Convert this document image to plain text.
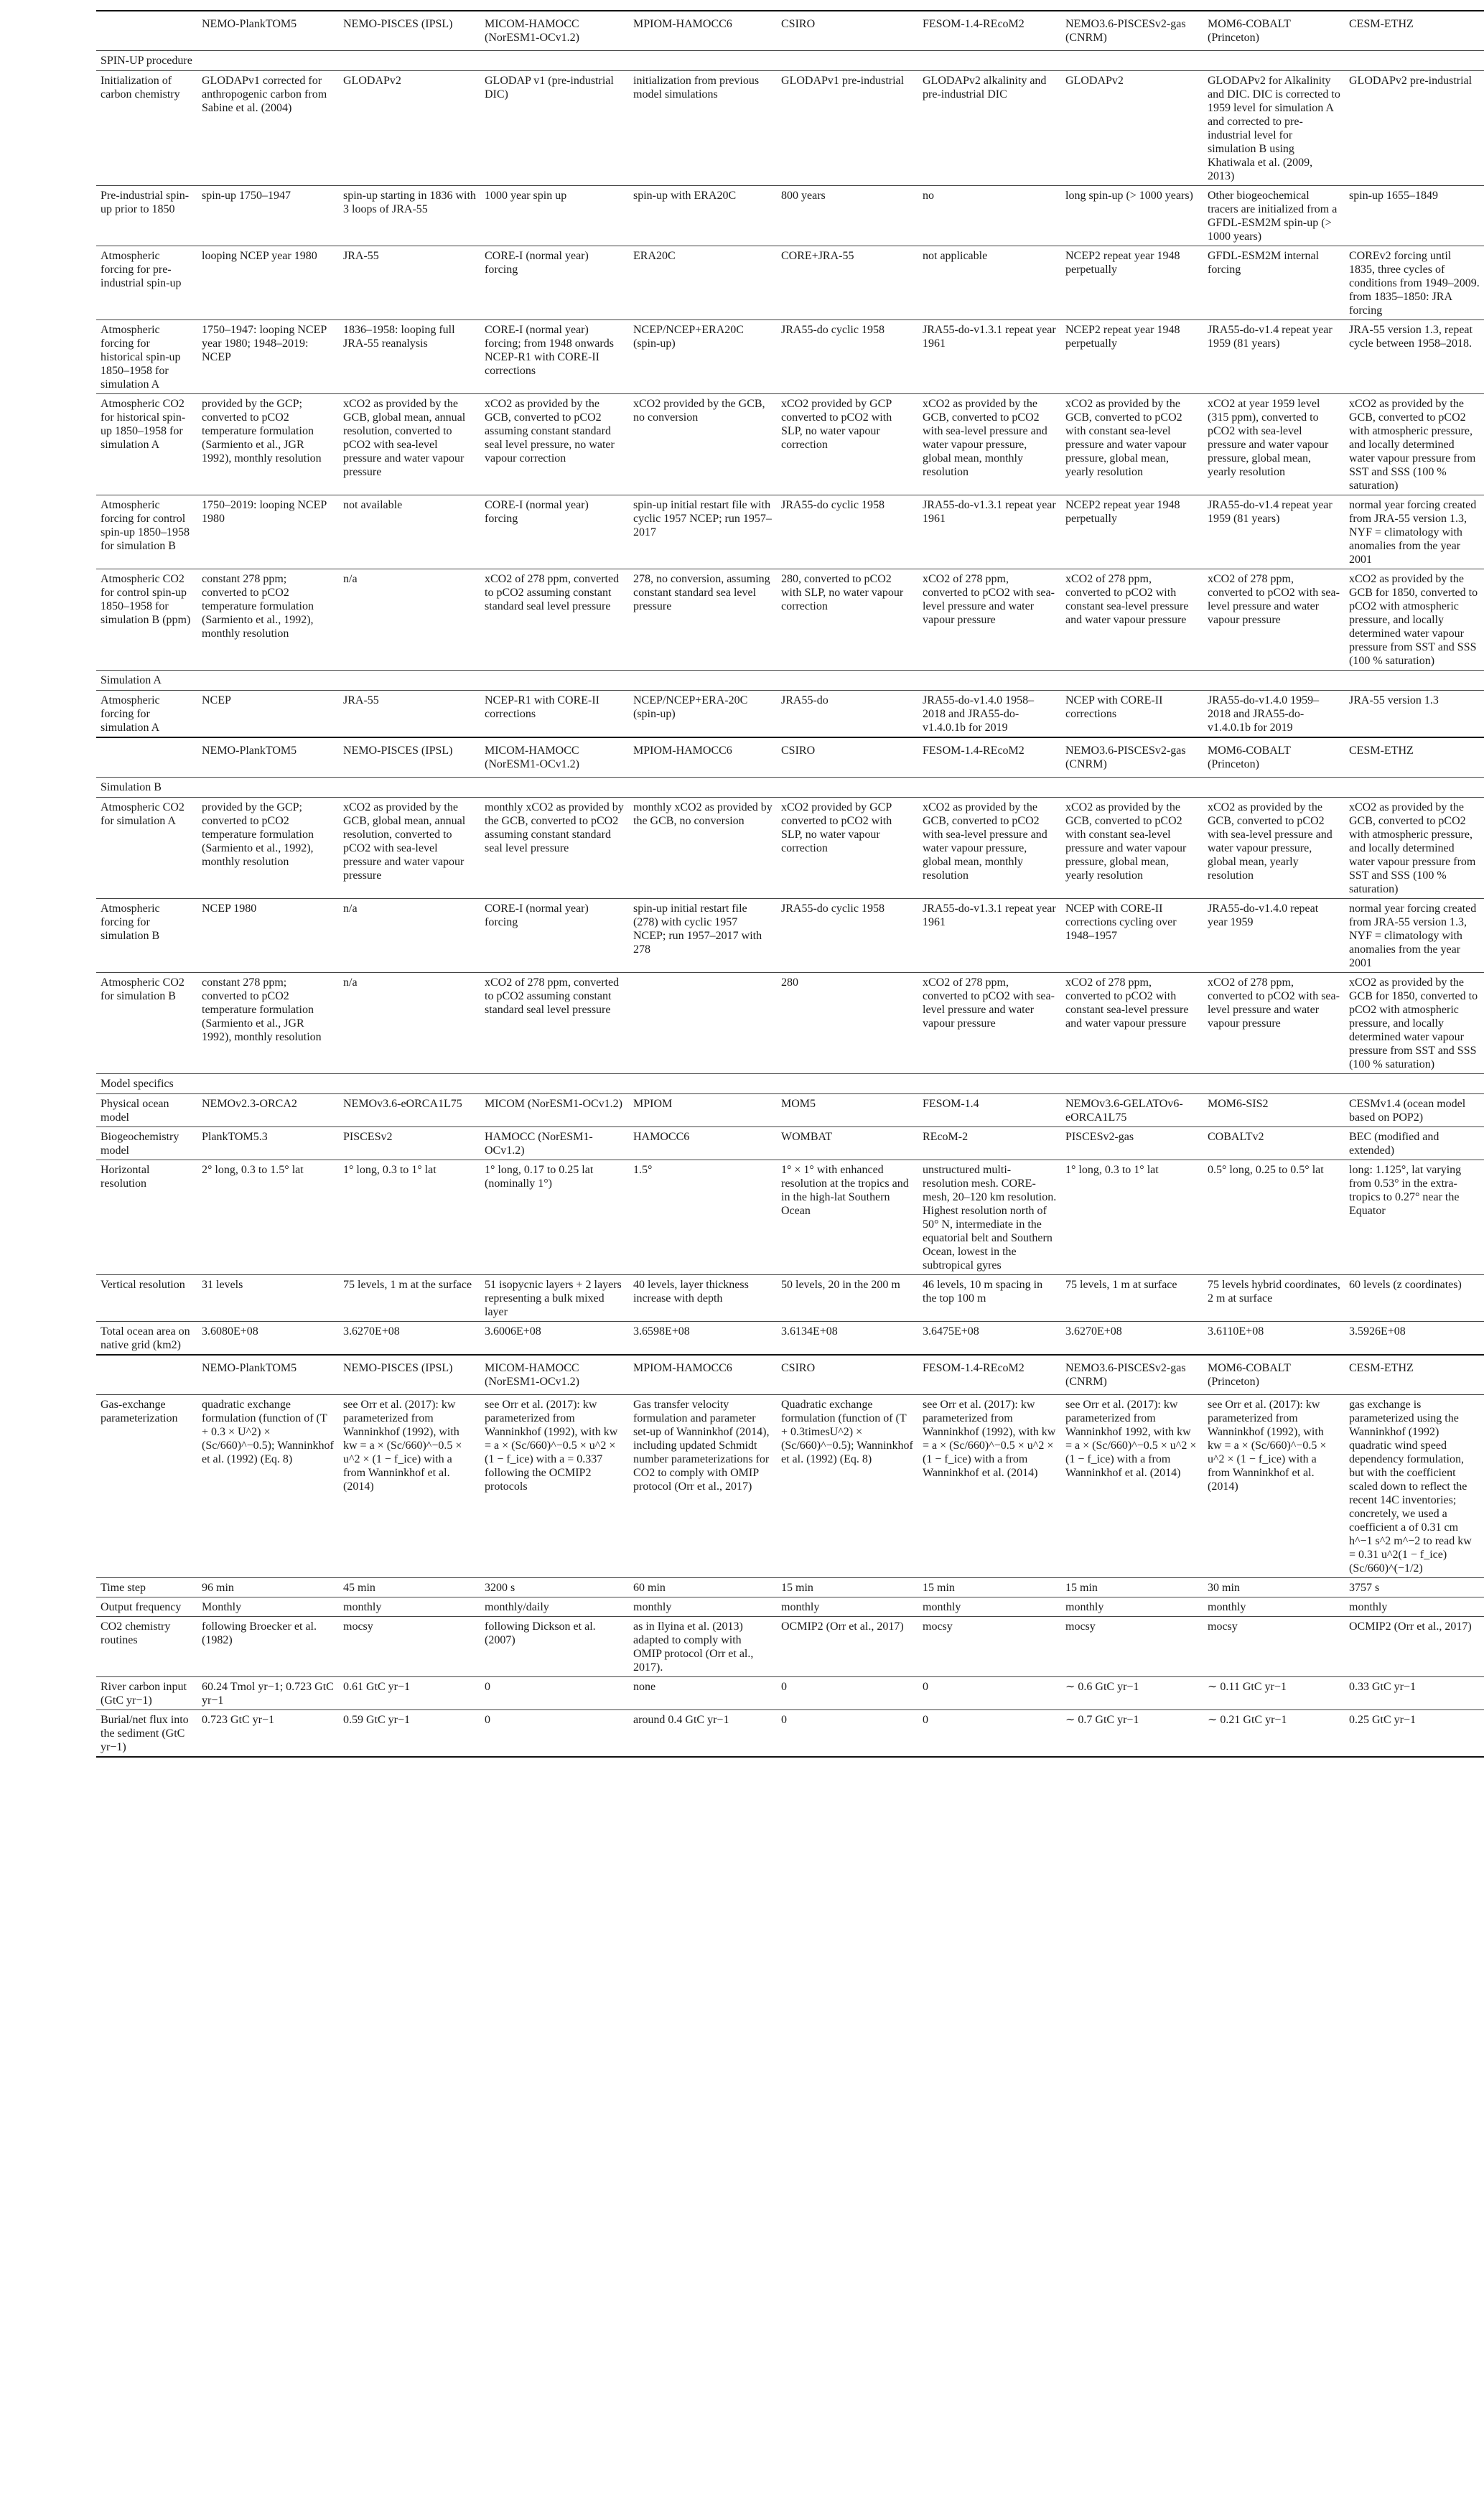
	NEMO-PlankTOM5	NEMO-PISCES (IPSL)	MICOM-HAMOCC (NorESM1-OCv1.2)	MPIOM-HAMOCC6	CSIRO	FESOM-1.4-REcoM2	NEMO3.6-PISCESv2-gas (CNRM)	MOM6-COBALT (Princeton)	CESM-ETHZ
SPIN-UP procedure									
Initialization of carbon chemistry	GLODAPv1 corrected for anthropogenic carbon from Sabine et al. (2004)	GLODAPv2	GLODAP v1 (pre-industrial DIC)	initialization from previous model simulations	GLODAPv1 pre-industrial	GLODAPv2 alkalinity and pre-industrial DIC	GLODAPv2	GLODAPv2 for Alkalinity and DIC. DIC is corrected to 1959 level for simulation A and corrected to pre-industrial level for simulation B using Khatiwala et al. (2009, 2013)	GLODAPv2 pre-industrial
Pre-industrial spin-up prior to 1850	spin-up 1750–1947	spin-up starting in 1836 with 3 loops of JRA-55	1000 year spin up	spin-up with ERA20C	800 years	no	long spin-up (> 1000 years)	Other biogeochemical tracers are initialized from a GFDL-ESM2M spin-up (> 1000 years)	spin-up 1655–1849
Atmospheric forcing for pre-industrial spin-up	looping NCEP year 1980	JRA-55	CORE-I (normal year) forcing	ERA20C	CORE+JRA-55	not applicable	NCEP2 repeat year 1948 perpetually	GFDL-ESM2M internal forcing	COREv2 forcing until 1835, three cycles of conditions from 1949–2009. from 1835–1850: JRA forcing
Atmospheric forcing for historical spin-up 1850–1958 for simulation A	1750–1947: looping NCEP year 1980; 1948–2019: NCEP	1836–1958: looping full JRA-55 reanalysis	CORE-I (normal year) forcing; from 1948 onwards NCEP-R1 with CORE-II corrections	NCEP/NCEP+ERA20C (spin-up)	JRA55-do cyclic 1958	JRA55-do-v1.3.1 repeat year 1961	NCEP2 repeat year 1948 perpetually	JRA55-do-v1.4 repeat year 1959 (81 years)	JRA-55 version 1.3, repeat cycle between 1958–2018.
Atmospheric CO2 for historical spin-up 1850–1958 for simulation A	provided by the GCP; converted to pCO2 temperature formulation (Sarmiento et al., JGR 1992), monthly resolution	xCO2 as provided by the GCB, global mean, annual resolution, converted to pCO2 with sea-level pressure and water vapour pressure	xCO2 as provided by the GCB, converted to pCO2 assuming constant standard seal level pressure, no water vapour correction	xCO2 provided by the GCB, no conversion	xCO2 provided by GCP converted to pCO2 with SLP, no water vapour correction	xCO2 as provided by the GCB, converted to pCO2 with sea-level pressure and water vapour pressure, global mean, monthly resolution	xCO2 as provided by the GCB, converted to pCO2 with constant sea-level pressure and water vapour pressure, global mean, yearly resolution	xCO2 at year 1959 level (315 ppm), converted to pCO2 with sea-level pressure and water vapour pressure, global mean, yearly resolution	xCO2 as provided by the GCB, converted to pCO2 with atmospheric pressure, and locally determined water vapour pressure from SST and SSS (100 % saturation)
Atmospheric forcing for control spin-up 1850–1958 for simulation B	1750–2019: looping NCEP 1980	not available	CORE-I (normal year) forcing	spin-up initial restart file with cyclic 1957 NCEP; run 1957–2017	JRA55-do cyclic 1958	JRA55-do-v1.3.1 repeat year 1961	NCEP2 repeat year 1948 perpetually	JRA55-do-v1.4 repeat year 1959 (81 years)	normal year forcing created from JRA-55 version 1.3, NYF = climatology with anomalies from the year 2001
Atmospheric CO2 for control spin-up 1850–1958 for simulation B (ppm)	constant 278 ppm; converted to pCO2 temperature formulation (Sarmiento et al., 1992), monthly resolution	n/a	xCO2 of 278 ppm, converted to pCO2 assuming constant standard seal level pressure	278, no conversion, assuming constant standard sea level pressure	280, converted to pCO2 with SLP, no water vapour correction	xCO2 of 278 ppm, converted to pCO2 with sea-level pressure and water vapour pressure	xCO2 of 278 ppm, converted to pCO2 with constant sea-level pressure and water vapour pressure	xCO2 of 278 ppm, converted to pCO2 with sea-level pressure and water vapour pressure	xCO2 as provided by the GCB for 1850, converted to pCO2 with atmospheric pressure, and locally determined water vapour pressure from SST and SSS (100 % saturation)
Simulation A									
Atmospheric forcing for simulation A	NCEP	JRA-55	NCEP-R1 with CORE-II corrections	NCEP/NCEP+ERA-20C (spin-up)	JRA55-do	JRA55-do-v1.4.0 1958–2018 and JRA55-do-v1.4.0.1b for 2019	NCEP with CORE-II corrections	JRA55-do-v1.4.0 1959–2018 and JRA55-do-v1.4.0.1b for 2019	JRA-55 version 1.3
	NEMO-PlankTOM5	NEMO-PISCES (IPSL)	MICOM-HAMOCC (NorESM1-OCv1.2)	MPIOM-HAMOCC6	CSIRO	FESOM-1.4-REcoM2	NEMO3.6-PISCESv2-gas (CNRM)	MOM6-COBALT (Princeton)	CESM-ETHZ
Simulation B									
Atmospheric CO2 for simulation A	provided by the GCP; converted to pCO2 temperature formulation (Sarmiento et al., 1992), monthly resolution	xCO2 as provided by the GCB, global mean, annual resolution, converted to pCO2 with sea-level pressure and water vapour pressure	monthly xCO2 as provided by the GCB, converted to pCO2 assuming constant standard seal level pressure	monthly xCO2 as provided by the GCB, no conversion	xCO2 provided by GCP converted to pCO2 with SLP, no water vapour correction	xCO2 as provided by the GCB, converted to pCO2 with sea-level pressure and water vapour pressure, global mean, monthly resolution	xCO2 as provided by the GCB, converted to pCO2 with constant sea-level pressure and water vapour pressure, global mean, yearly resolution	xCO2 as provided by the GCB, converted to pCO2 with sea-level pressure and water vapour pressure, global mean, yearly resolution	xCO2 as provided by the GCB, converted to pCO2 with atmospheric pressure, and locally determined water vapour pressure from SST and SSS (100 % saturation)
Atmospheric forcing for simulation B	NCEP 1980	n/a	CORE-I (normal year) forcing	spin-up initial restart file (278) with cyclic 1957 NCEP; run 1957–2017 with 278	JRA55-do cyclic 1958	JRA55-do-v1.3.1 repeat year 1961	NCEP with CORE-II corrections cycling over 1948–1957	JRA55-do-v1.4.0 repeat year 1959	normal year forcing created from JRA-55 version 1.3, NYF = climatology with anomalies from the year 2001
Atmospheric CO2 for simulation B	constant 278 ppm; converted to pCO2 temperature formulation (Sarmiento et al., JGR 1992), monthly resolution	n/a	xCO2 of 278 ppm, converted to pCO2 assuming constant standard seal level pressure		280	xCO2 of 278 ppm, converted to pCO2 with sea-level pressure and water vapour pressure	xCO2 of 278 ppm, converted to pCO2 with constant sea-level pressure and water vapour pressure	xCO2 of 278 ppm, converted to pCO2 with sea-level pressure and water vapour pressure	xCO2 as provided by the GCB for 1850, converted to pCO2 with atmospheric pressure, and locally determined water vapour pressure from SST and SSS (100 % saturation)
Model specifics									
Physical ocean model	NEMOv2.3-ORCA2	NEMOv3.6-eORCA1L75	MICOM (NorESM1-OCv1.2)	MPIOM	MOM5	FESOM-1.4	NEMOv3.6-GELATOv6-eORCA1L75	MOM6-SIS2	CESMv1.4 (ocean model based on POP2)
Biogeochemistry model	PlankTOM5.3	PISCESv2	HAMOCC (NorESM1-OCv1.2)	HAMOCC6	WOMBAT	REcoM-2	PISCESv2-gas	COBALTv2	BEC (modified and extended)
Horizontal resolution	2° long, 0.3 to 1.5° lat	1° long, 0.3 to 1° lat	1° long, 0.17 to 0.25 lat (nominally 1°)	1.5°	1° × 1° with enhanced resolution at the tropics and in the high-lat Southern Ocean	unstructured multi-resolution mesh. CORE-mesh, 20–120 km resolution. Highest resolution north of 50° N, intermediate in the equatorial belt and Southern Ocean, lowest in the subtropical gyres	1° long, 0.3 to 1° lat	0.5° long, 0.25 to 0.5° lat	long: 1.125°, lat varying from 0.53° in the extra-tropics to 0.27° near the Equator
Vertical resolution	31 levels	75 levels, 1 m at the surface	51 isopycnic layers + 2 layers representing a bulk mixed layer	40 levels, layer thickness increase with depth	50 levels, 20 in the 200 m	46 levels, 10 m spacing in the top 100 m	75 levels, 1 m at surface	75 levels hybrid coordinates, 2 m at surface	60 levels (z coordinates)
Total ocean area on native grid (km2)	3.6080E+08	3.6270E+08	3.6006E+08	3.6598E+08	3.6134E+08	3.6475E+08	3.6270E+08	3.6110E+08	3.5926E+08
	NEMO-PlankTOM5	NEMO-PISCES (IPSL)	MICOM-HAMOCC (NorESM1-OCv1.2)	MPIOM-HAMOCC6	CSIRO	FESOM-1.4-REcoM2	NEMO3.6-PISCESv2-gas (CNRM)	MOM6-COBALT (Princeton)	CESM-ETHZ
Gas-exchange parameterization	quadratic exchange formulation (function of (T + 0.3 × U^2) × (Sc/660)^−0.5); Wanninkhof et al. (1992) (Eq. 8)	see Orr et al. (2017): kw parameterized from Wanninkhof (1992), with kw = a × (Sc/660)^−0.5 × u^2 × (1 − f_ice) with a from Wanninkhof et al. (2014)	see Orr et al. (2017): kw parameterized from Wanninkhof (1992), with kw = a × (Sc/660)^−0.5 × u^2 × (1 − f_ice) with a = 0.337 following the OCMIP2 protocols	Gas transfer velocity formulation and parameter set-up of Wanninkhof (2014), including updated Schmidt number parameterizations for CO2 to comply with OMIP protocol (Orr et al., 2017)	Quadratic exchange formulation (function of (T + 0.3timesU^2) × (Sc/660)^−0.5); Wanninkhof et al. (1992) (Eq. 8)	see Orr et al. (2017): kw parameterized from Wanninkhof (1992), with kw = a × (Sc/660)^−0.5 × u^2 × (1 − f_ice) with a from Wanninkhof et al. (2014)	see Orr et al. (2017): kw parameterized from Wanninkhof 1992, with kw = a × (Sc/660)^−0.5 × u^2 × (1 − f_ice) with a from Wanninkhof et al. (2014)	see Orr et al. (2017): kw parameterized from Wanninkhof (1992), with kw = a × (Sc/660)^−0.5 × u^2 × (1 − f_ice) with a from Wanninkhof et al. (2014)	gas exchange is parameterized using the Wanninkhof (1992) quadratic wind speed dependency formulation, but with the coefficient scaled down to reflect the recent 14C inventories; concretely, we used a coefficient a of 0.31 cm h^−1 s^2 m^−2 to read kw = 0.31 u^2(1 − f_ice)(Sc/660)^(−1/2)
Time step	96 min	45 min	3200 s	60 min	15 min	15 min	15 min	30 min	3757 s
Output frequency	Monthly	monthly	monthly/daily	monthly	monthly	monthly	monthly	monthly	monthly
CO2 chemistry routines	following Broecker et al. (1982)	mocsy	following Dickson et al. (2007)	as in Ilyina et al. (2013) adapted to comply with OMIP protocol (Orr et al., 2017).	OCMIP2 (Orr et al., 2017)	mocsy	mocsy	mocsy	OCMIP2 (Orr et al., 2017)
River carbon input (GtC yr−1)	60.24 Tmol yr−1; 0.723 GtC yr−1	0.61 GtC yr−1	0	none	0	0	∼ 0.6 GtC yr−1	∼ 0.11 GtC yr−1	0.33 GtC yr−1
Burial/net flux into the sediment (GtC yr−1)	0.723 GtC yr−1	0.59 GtC yr−1	0	around 0.4 GtC yr−1	0	0	∼ 0.7 GtC yr−1	∼ 0.21 GtC yr−1	0.25 GtC yr−1
